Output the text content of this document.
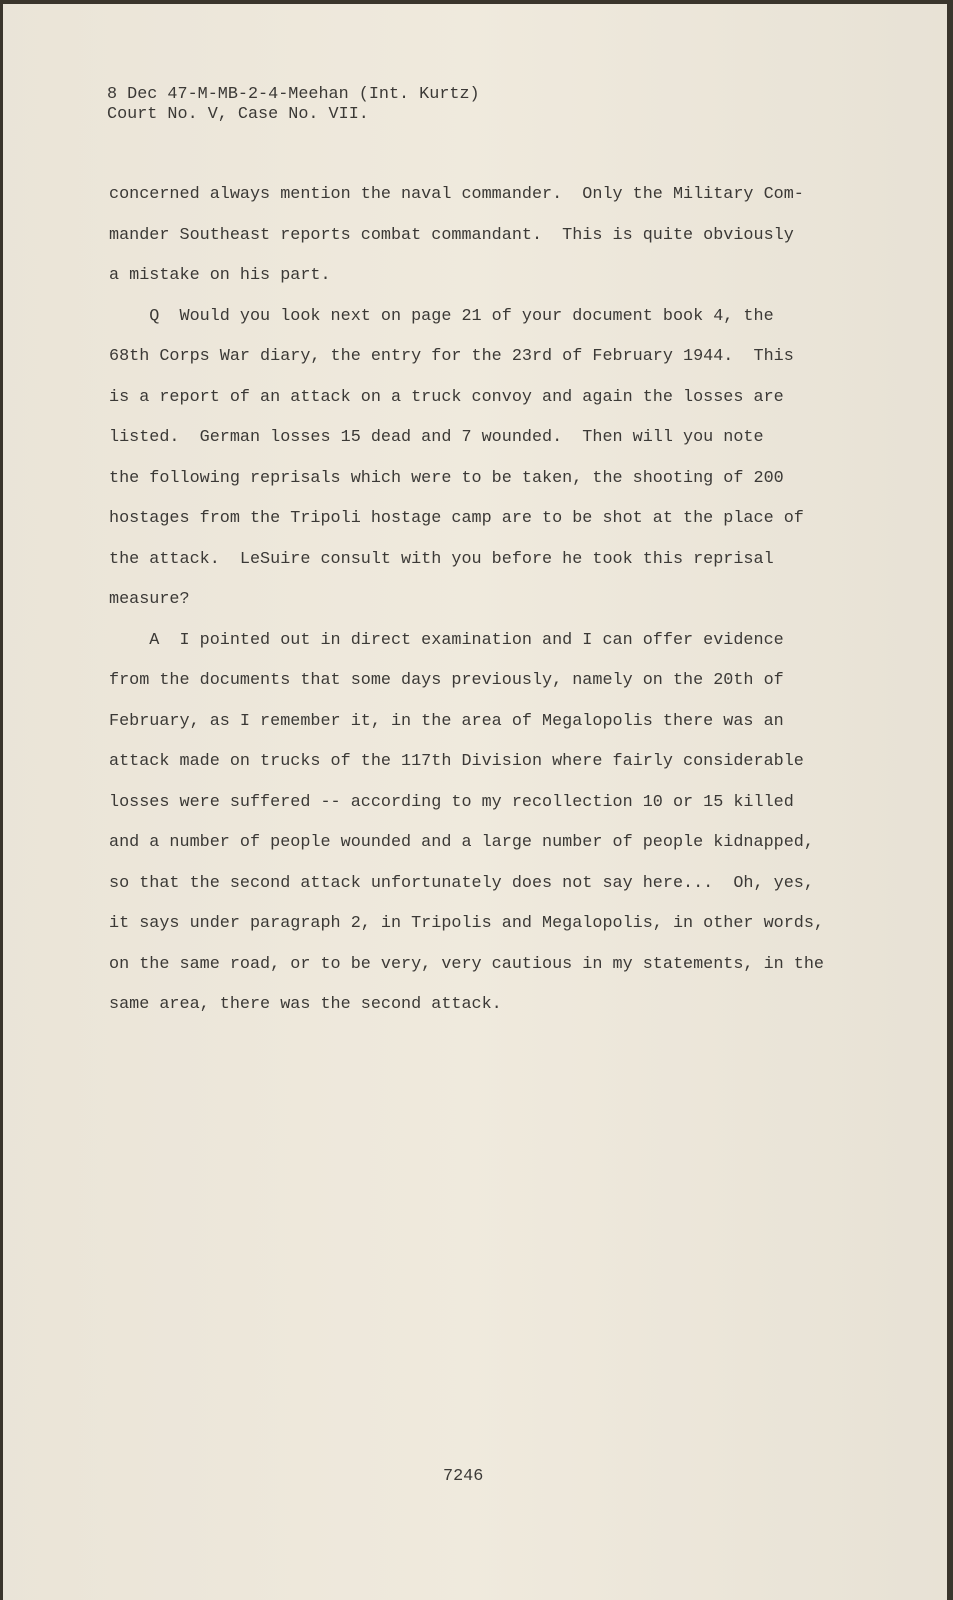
8 Dec 47-M-MB-2-4-Meehan (Int. Kurtz)
Court No. V, Case No. VII.
concerned always mention the naval commander.  Only the Military Com-
mander Southeast reports combat commandant.  This is quite obviously
a mistake on his part.
Q  Would you look next on page 21 of your document book 4, the
68th Corps War diary, the entry for the 23rd of February 1944.  This
is a report of an attack on a truck convoy and again the losses are
listed.  German losses 15 dead and 7 wounded.  Then will you note
the following reprisals which were to be taken, the shooting of 200
hostages from the Tripoli hostage camp are to be shot at the place of
the attack.  LeSuire consult with you before he took this reprisal
measure?
A  I pointed out in direct examination and I can offer evidence
from the documents that some days previously, namely on the 20th of
February, as I remember it, in the area of Megalopolis there was an
attack made on trucks of the 117th Division where fairly considerable
losses were suffered -- according to my recollection 10 or 15 killed
and a number of people wounded and a large number of people kidnapped,
so that the second attack unfortunately does not say here...  Oh, yes,
it says under paragraph 2, in Tripolis and Megalopolis, in other words,
on the same road, or to be very, very cautious in my statements, in the
same area, there was the second attack.
7246
